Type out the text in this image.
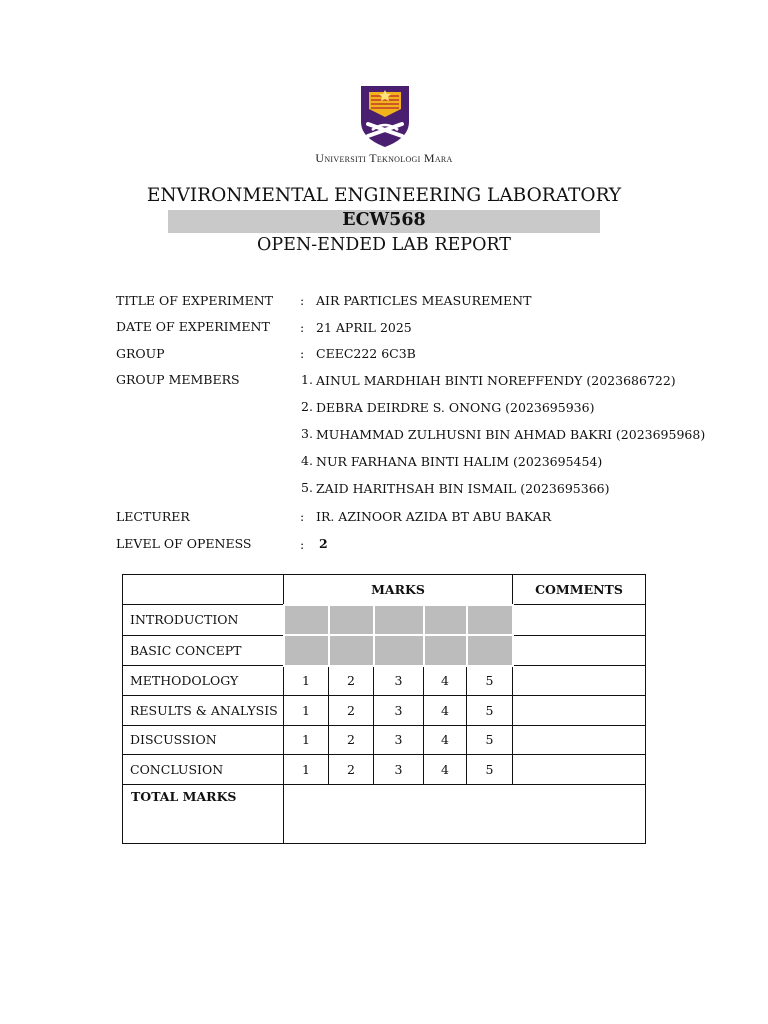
Universiti Teknologi Mara
ENVIRONMENTAL ENGINEERING LABORATORY
ECW568
OPEN-ENDED LAB REPORT
TITLE OF EXPERIMENT : AIR PARTICLES MEASUREMENT
DATE OF EXPERIMENT : 21 APRIL 2025
GROUP	: CEEC222 6C3B
GROUP MEMBERS	1. AINUL MARDHIAH BINTI NOREFFENDY (2023686722)
2. DEBRA DEIRDRE S. ONONG (2023695936)
3. MUHAMMAD ZULHUSNI BIN AHMAD BAKRI (2023695968)
4. NUR FARHANA BINTI HALIM (2023695454)
5. ZAID HARITHSAH BIN ISMAIL (2023695366)
LECTURER	: IR. AZINOOR AZIDA BT ABU BAKAR
LEVEL OF OPENESS	: 2
	MARKS					COMMENTS
INTRODUCTION						
BASIC CONCEPT						
METHODOLOGY	1	2	3	4	5	
RESULTS & ANALYSIS	1	2	3	4	5	
DISCUSSION	1	2	3	4	5	
CONCLUSION	1	2	3	4	5	
TOTAL MARKS						
